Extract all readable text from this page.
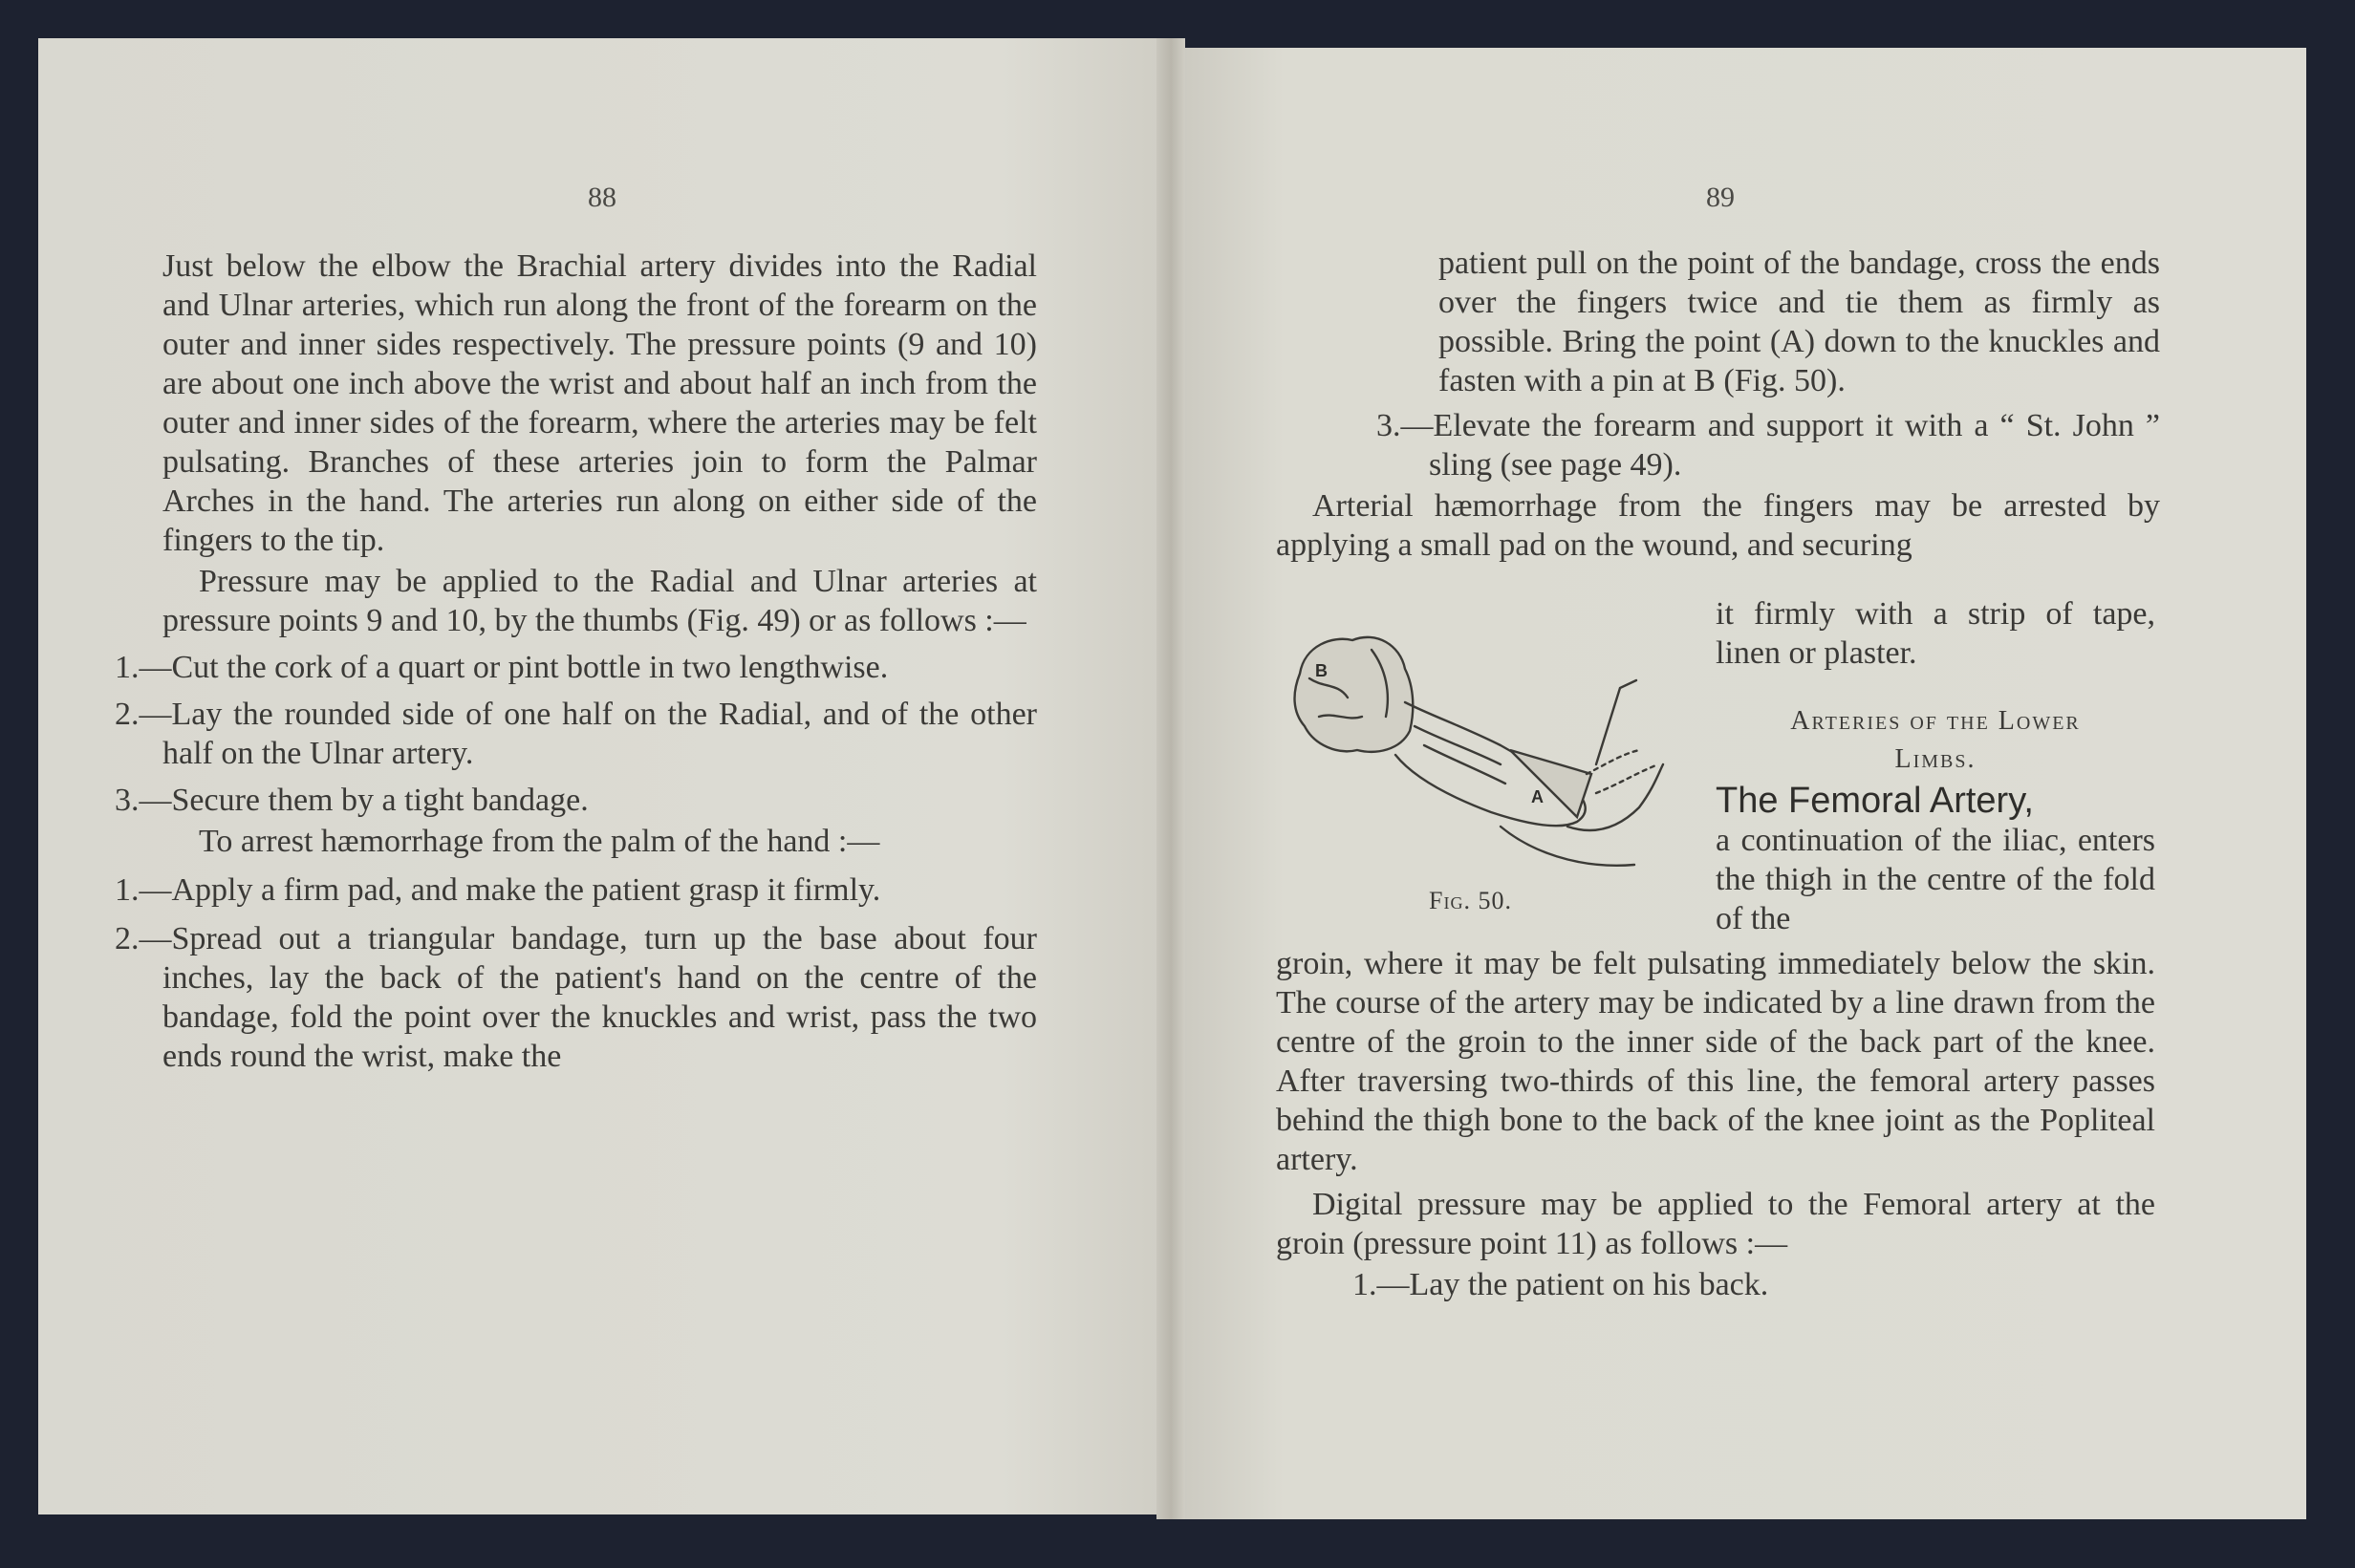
88

Just below the elbow the Brachial artery divides into the Radial and Ulnar arteries, which run along the front of the forearm on the outer and inner sides respectively. The pressure points (9 and 10) are about one inch above the wrist and about half an inch from the outer and inner sides of the forearm, where the arteries may be felt pulsating. Branches of these arteries join to form the Palmar Arches in the hand. The arteries run along on either side of the fingers to the tip.

Pressure may be applied to the Radial and Ulnar arteries at pressure points 9 and 10, by the thumbs (Fig. 49) or as follows :—

1.—Cut the cork of a quart or pint bottle in two lengthwise.

2.—Lay the rounded side of one half on the Radial, and of the other half on the Ulnar artery.

3.—Secure them by a tight bandage.

To arrest hæmorrhage from the palm of the hand :—

1.—Apply a firm pad, and make the patient grasp it firmly.

2.—Spread out a triangular bandage, turn up the base about four inches, lay the back of the patient's hand on the centre of the bandage, fold the point over the knuckles and wrist, pass the two ends round the wrist, make the

89

patient pull on the point of the bandage, cross the ends over the fingers twice and tie them as firmly as possible. Bring the point (A) down to the knuckles and fasten with a pin at B (Fig. 50).

3.—Elevate the forearm and support it with a “ St. John ” sling (see page 49).

Arterial hæmorrhage from the fingers may be arrested by applying a small pad on the wound, and securing

it firmly with a strip of tape, linen or plaster.

B
A
Fig. 50.
Arteries of the Lower
Limbs.

The Femoral Artery,

a continuation of the iliac, enters the thigh in the centre of the fold of the

groin, where it may be felt pulsating immediately below the skin. The course of the artery may be indicated by a line drawn from the centre of the groin to the inner side of the back part of the knee. After traversing two-thirds of this line, the femoral artery passes behind the thigh bone to the back of the knee joint as the Popliteal artery.

Digital pressure may be applied to the Femoral artery at the groin (pressure point 11) as follows :—

1.—Lay the patient on his back.
